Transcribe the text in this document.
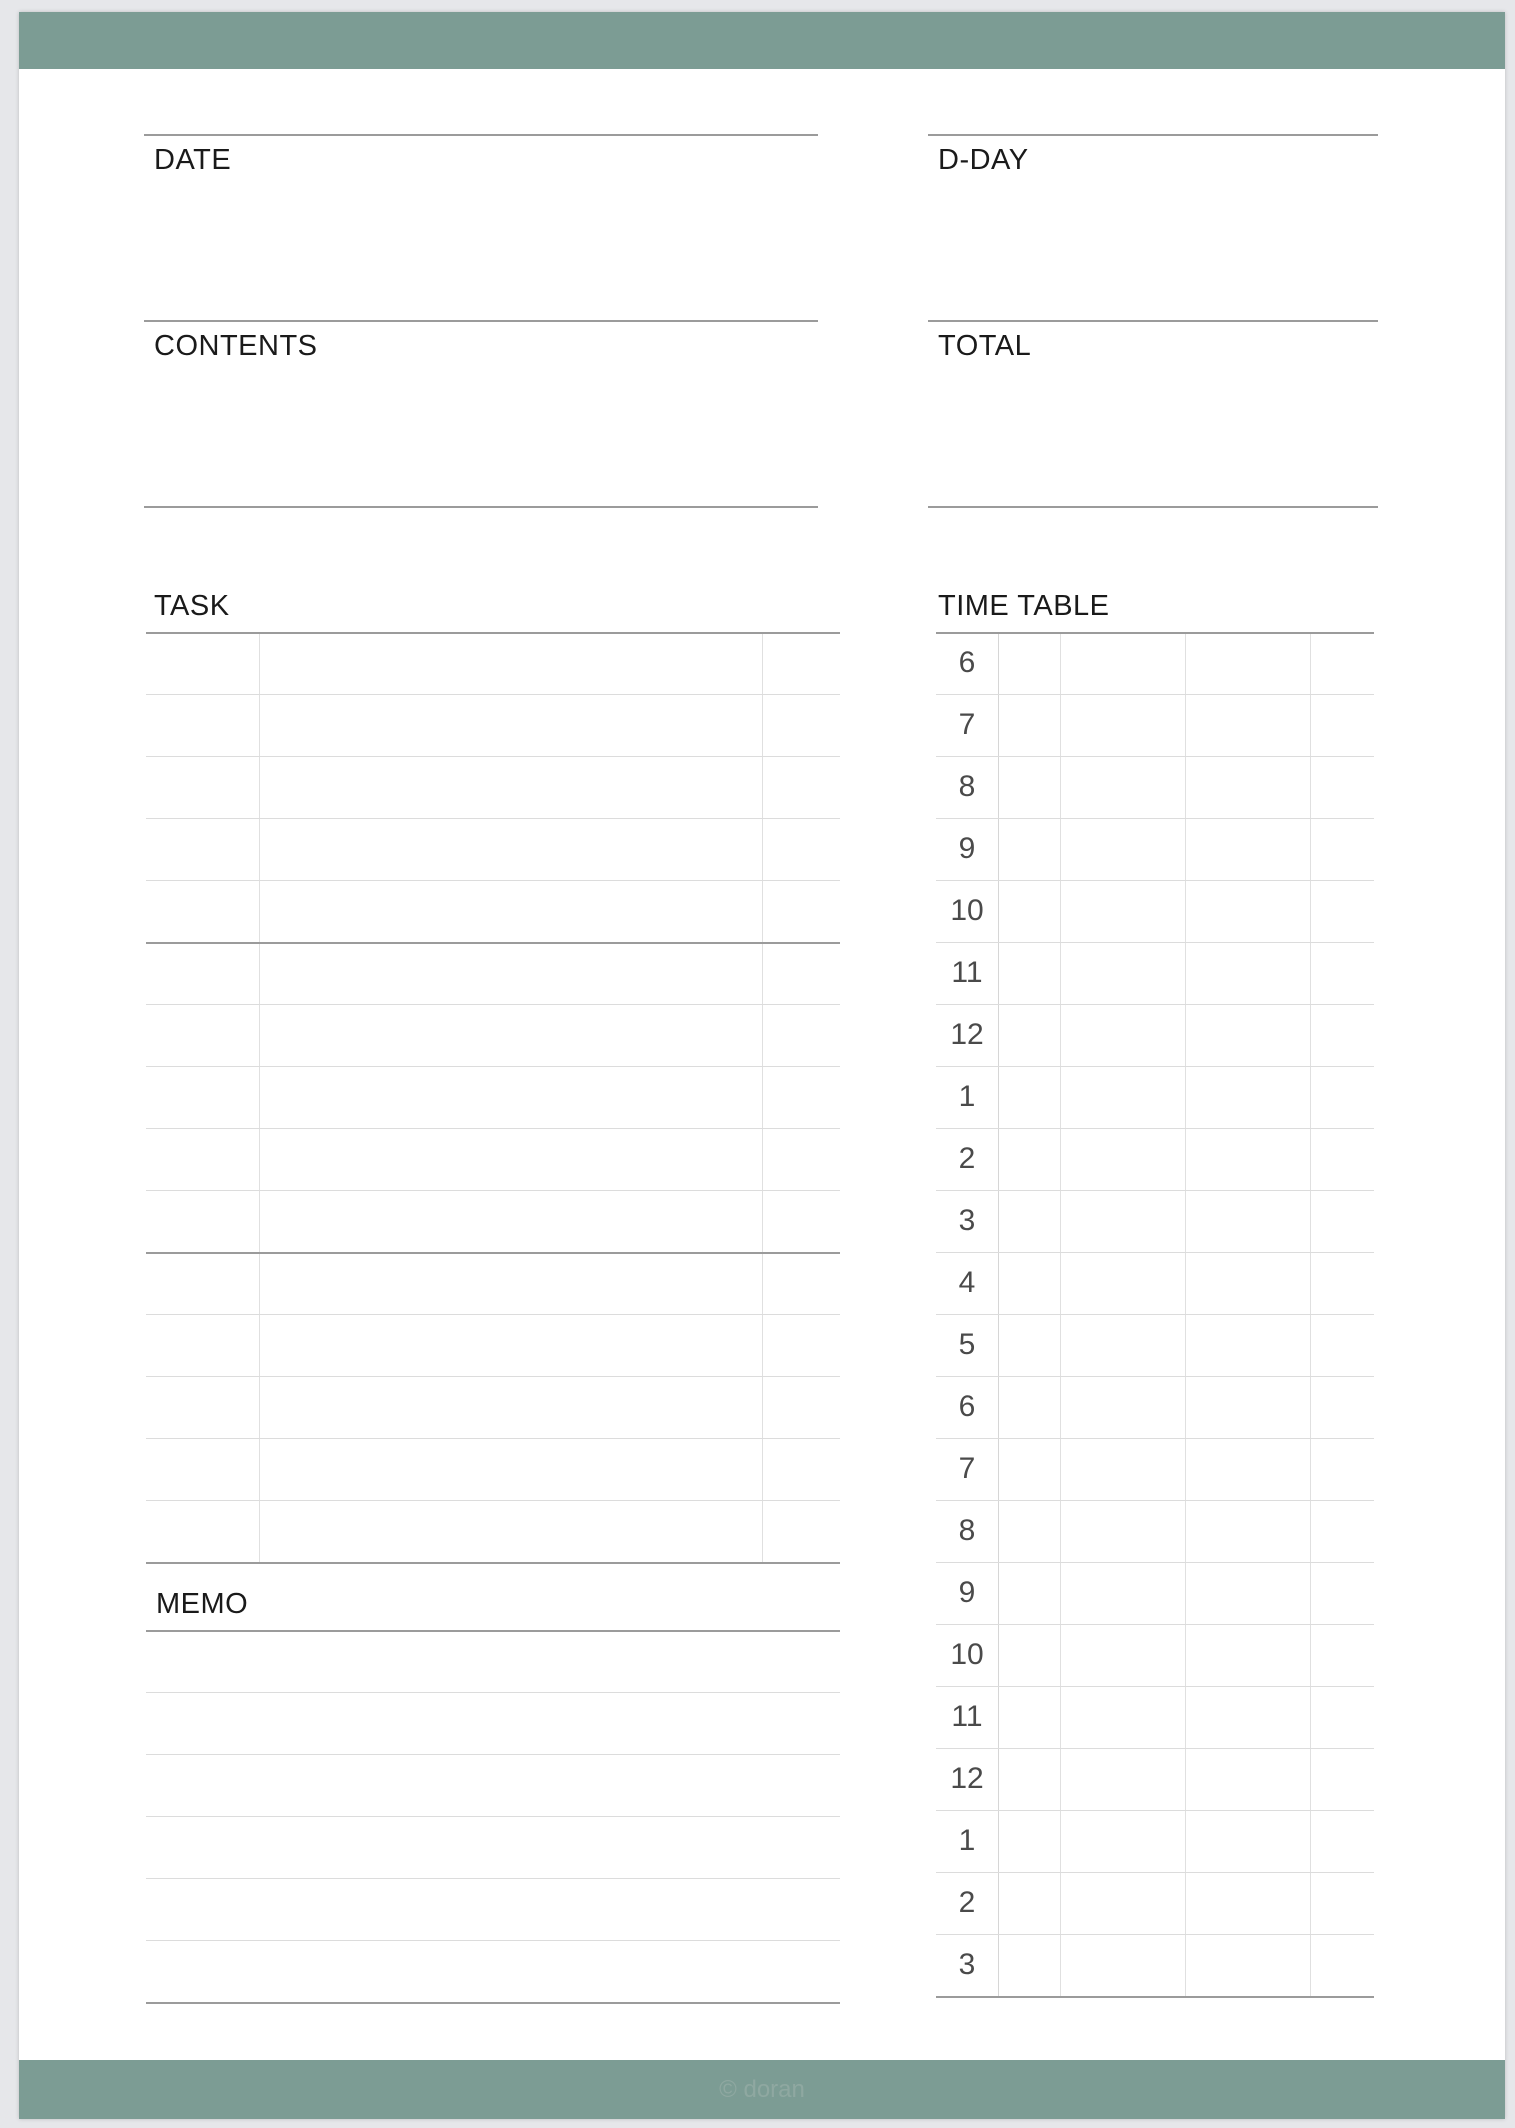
DATE	D-DAY
CONTENTS	TOTAL
TASK	TIME TABLE
MEMO
6
7
8
9
10
11
12
1
2
3
4
5
6
7
8
9
10
11
12
1
2
3
© doran
